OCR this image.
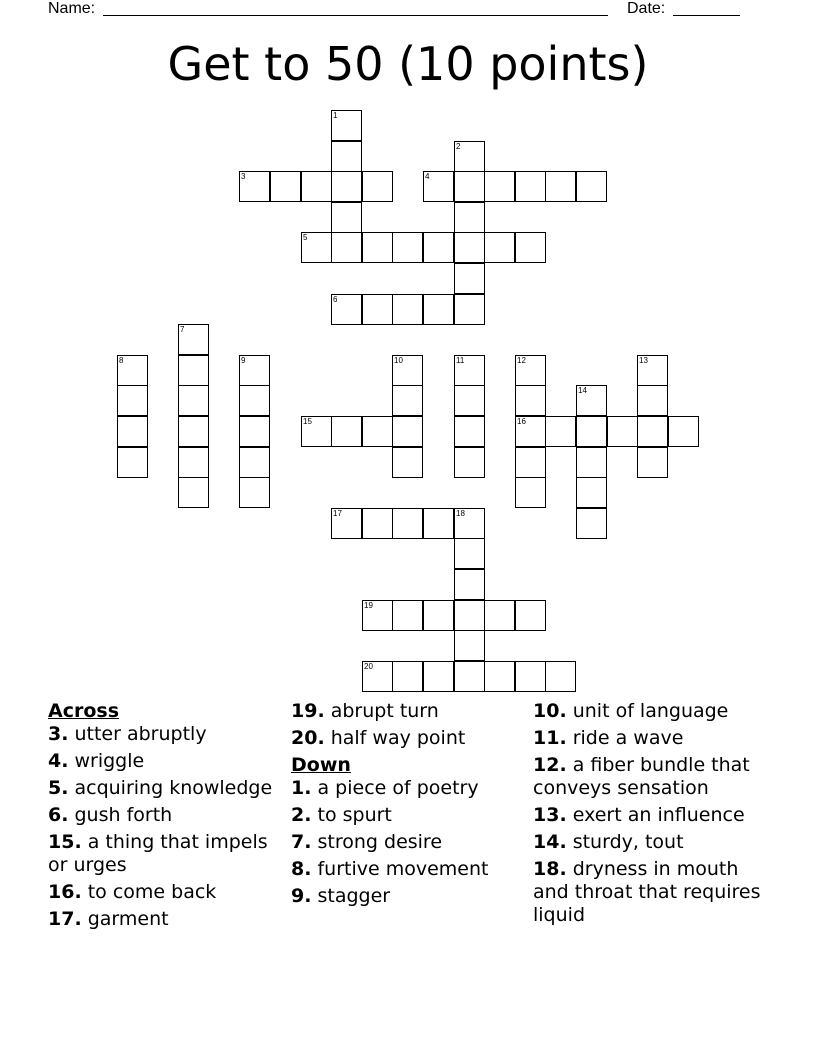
Name:	Date:
Get to 50 (10 points)
1
2
3	4
5
6
7
8	9	10	11	12	13
14
15	16
17	18
19
20
Across
3. utter abruptly
4. wriggle
5. acquiring knowledge
6. gush forth
15. a thing that impels or urges
16. to come back
17. garment
19. abrupt turn
20. half way point
Down
1. a piece of poetry
2. to spurt
7. strong desire
8. furtive movement
9. stagger
10. unit of language
11. ride a wave
12. a fiber bundle that conveys sensation
13. exert an influence
14. sturdy, tout
18. dryness in mouth and throat that requires liquid
